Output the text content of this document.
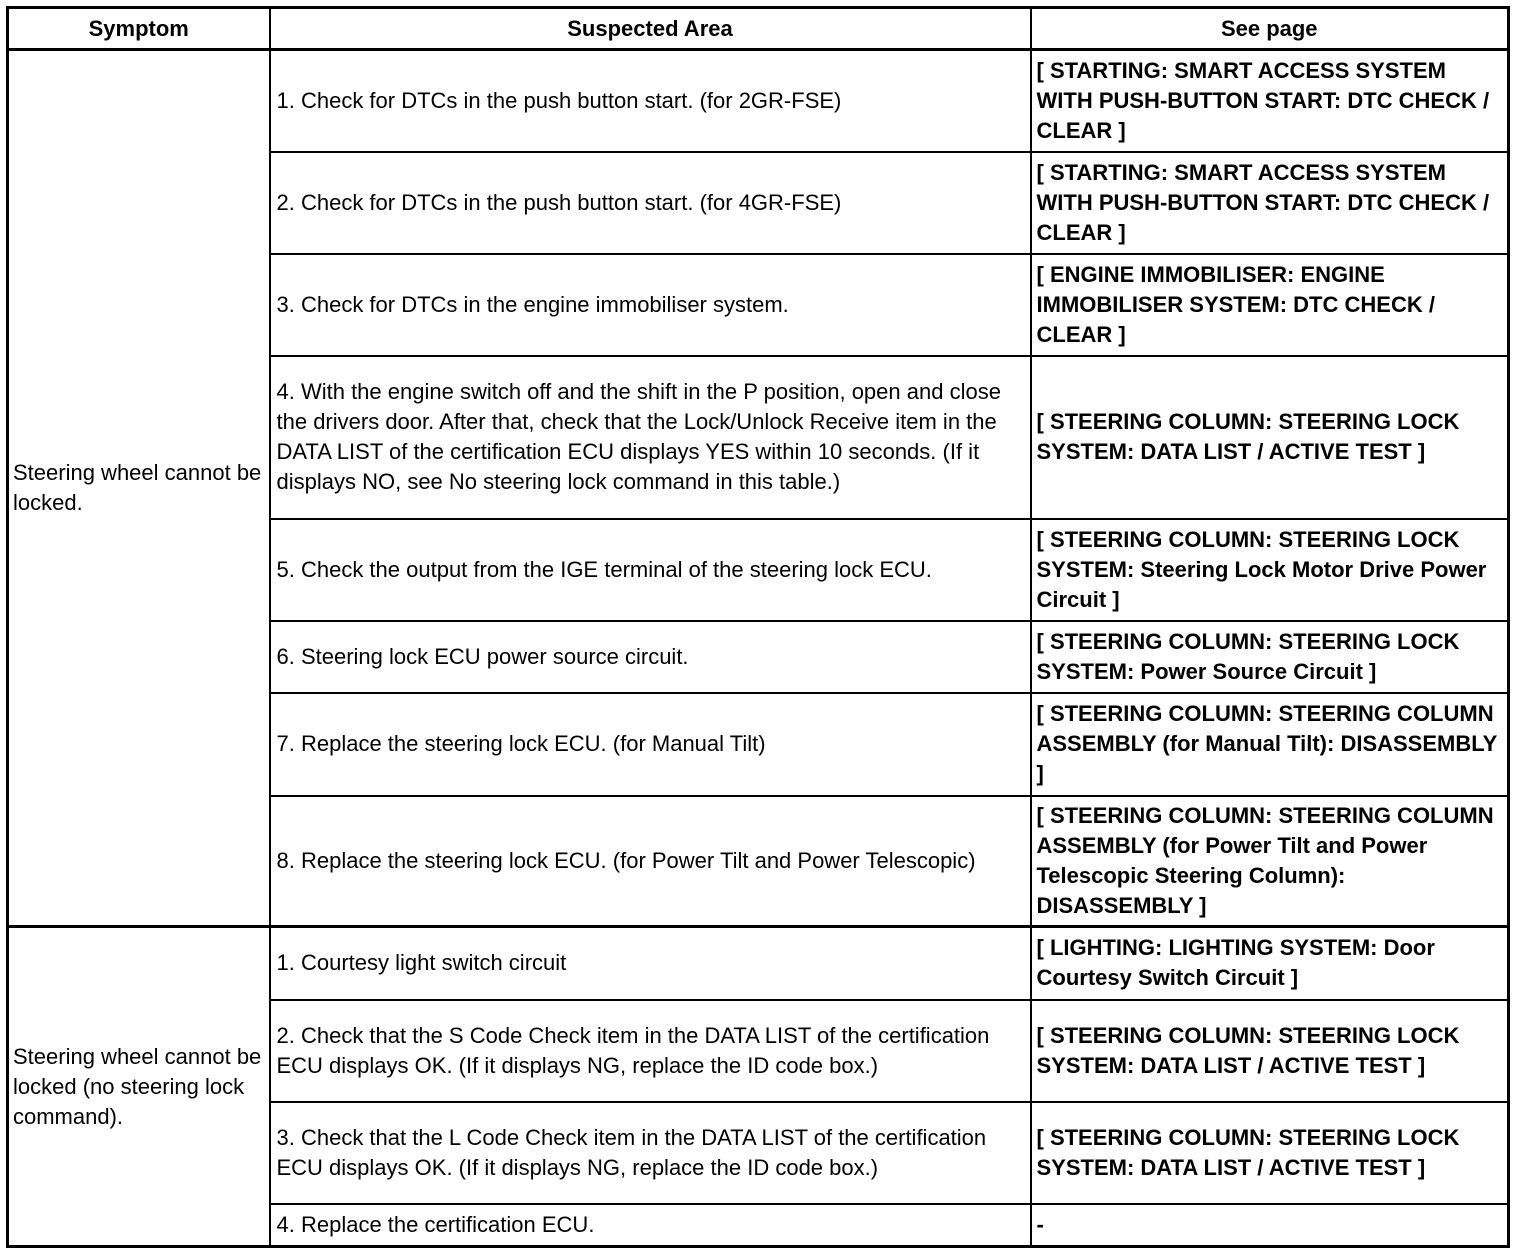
Symptom	Suspected Area	See page
Steering wheel cannot be locked.	1. Check for DTCs in the push button start. (for 2GR-FSE)	[ STARTING: SMART ACCESS SYSTEM WITH PUSH-BUTTON START: DTC CHECK / CLEAR ]
	2. Check for DTCs in the push button start. (for 4GR-FSE)	[ STARTING: SMART ACCESS SYSTEM WITH PUSH-BUTTON START: DTC CHECK / CLEAR ]
	3. Check for DTCs in the engine immobiliser system.	[ ENGINE IMMOBILISER: ENGINE IMMOBILISER SYSTEM: DTC CHECK / CLEAR ]
	4. With the engine switch off and the shift in the P position, open and close the drivers door. After that, check that the Lock/Unlock Receive item in the DATA LIST of the certification ECU displays YES within 10 seconds. (If it displays NO, see No steering lock command in this table.)	[ STEERING COLUMN: STEERING LOCK SYSTEM: DATA LIST / ACTIVE TEST ]
	5. Check the output from the IGE terminal of the steering lock ECU.	[ STEERING COLUMN: STEERING LOCK SYSTEM: Steering Lock Motor Drive Power Circuit ]
	6. Steering lock ECU power source circuit.	[ STEERING COLUMN: STEERING LOCK SYSTEM: Power Source Circuit ]
	7. Replace the steering lock ECU. (for Manual Tilt)	[ STEERING COLUMN: STEERING COLUMN ASSEMBLY (for Manual Tilt): DISASSEMBLY ]
	8. Replace the steering lock ECU. (for Power Tilt and Power Telescopic)	[ STEERING COLUMN: STEERING COLUMN ASSEMBLY (for Power Tilt and Power Telescopic Steering Column): DISASSEMBLY ]
Steering wheel cannot be locked (no steering lock command).	1. Courtesy light switch circuit	[ LIGHTING: LIGHTING SYSTEM: Door Courtesy Switch Circuit ]
	2. Check that the S Code Check item in the DATA LIST of the certification ECU displays OK. (If it displays NG, replace the ID code box.)	[ STEERING COLUMN: STEERING LOCK SYSTEM: DATA LIST / ACTIVE TEST ]
	3. Check that the L Code Check item in the DATA LIST of the certification ECU displays OK. (If it displays NG, replace the ID code box.)	[ STEERING COLUMN: STEERING LOCK SYSTEM: DATA LIST / ACTIVE TEST ]
	4. Replace the certification ECU.	-
